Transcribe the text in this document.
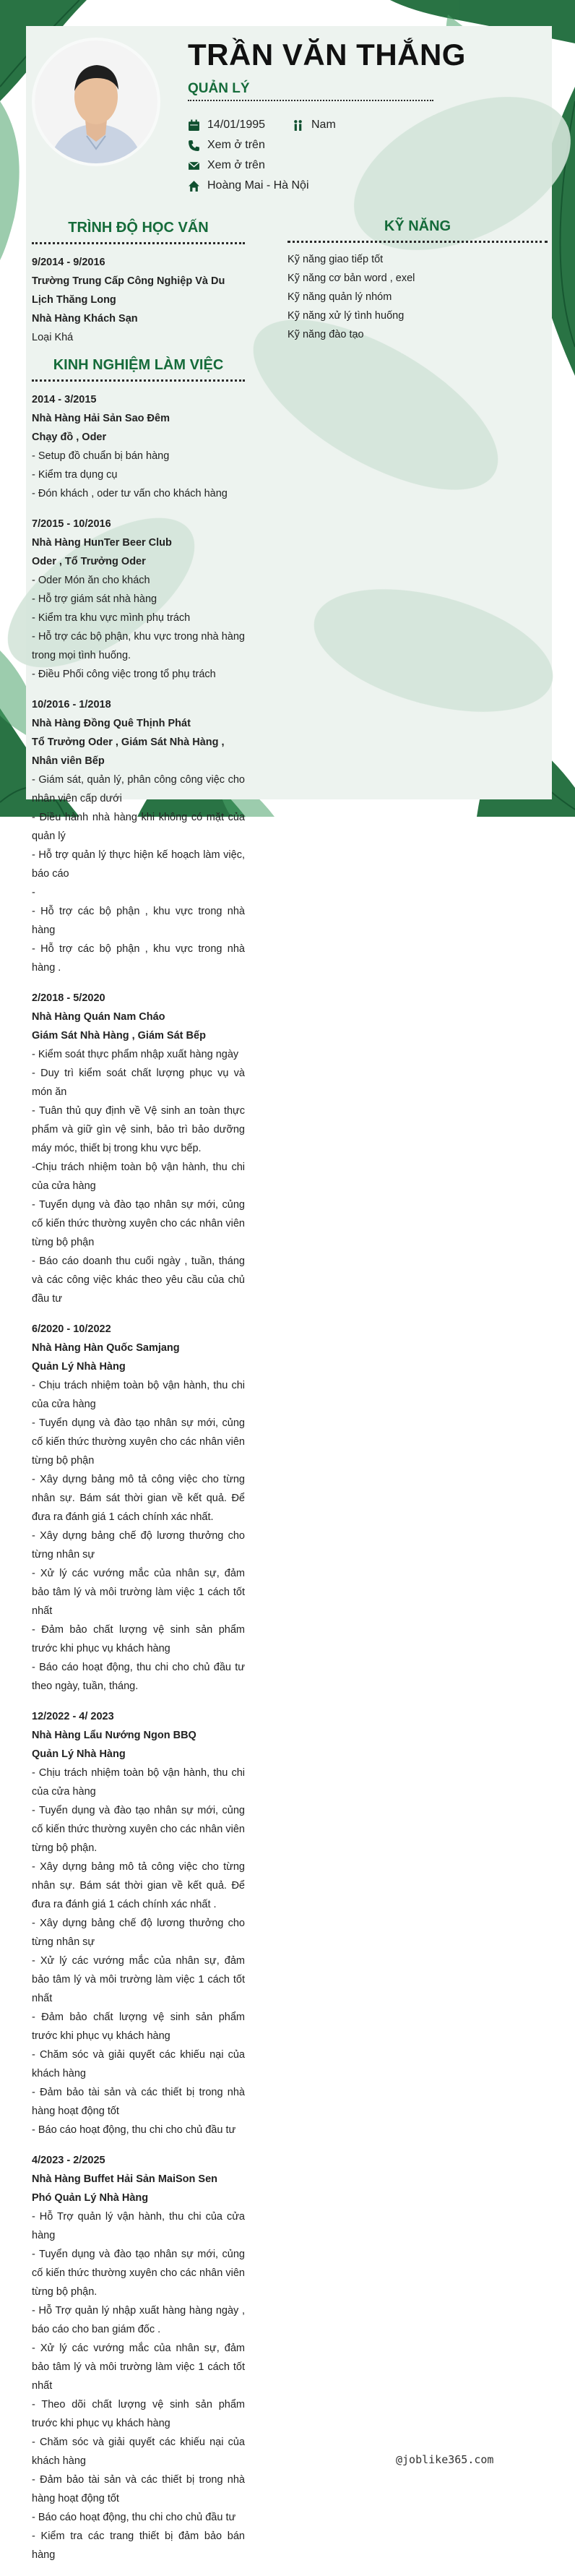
TRẦN VĂN THẮNG
QUẢN LÝ
14/01/1995	Nam
Xem ở trên
Xem ở trên
Hoàng Mai - Hà Nội
TRÌNH ĐỘ HỌC VẤN

9/2014 - 9/2016

Trường Trung Cấp Công Nghiệp Và Du Lịch Thăng Long

Nhà Hàng Khách Sạn

Loại Khá

KỸ NĂNG
Kỹ năng giao tiếp tốt
Kỹ năng cơ bản word , exel
Kỹ năng quản lý nhóm
Kỹ năng xử lý tình huống
Kỹ năng đào tạo
KINH NGHIỆM LÀM VIỆC

2014 - 3/2015

Nhà Hàng Hải Sản Sao Đêm

Chạy đồ , Oder

- Setup đồ chuẩn bị bán hàng

- Kiểm tra dụng cụ

- Đón khách , oder tư vấn cho khách hàng

7/2015 - 10/2016

Nhà Hàng HunTer Beer Club

Oder , Tổ Trưởng Oder

- Oder Món ăn cho khách

- Hỗ trợ giám sát nhà hàng

- Kiểm tra khu vực mình phụ trách

- Hỗ trợ các bộ phận, khu vực trong nhà hàng trong mọi tình huống.

- Điều Phối công việc trong tổ phụ trách

10/2016 - 1/2018

Nhà Hàng Đồng Quê Thịnh Phát

Tổ Trưởng Oder , Giám Sát Nhà Hàng , Nhân viên Bếp

- Giám sát, quản lý, phân công công việc cho nhân viên cấp dưới

- Điều hành nhà hàng khi không có mặt của quản lý

- Hỗ trợ quản lý thực hiện kế hoạch làm việc, báo cáo

-

- Hỗ trợ các bộ phận , khu vực trong nhà hàng

- Hỗ trợ các bộ phận , khu vực trong nhà hàng .

2/2018 - 5/2020

Nhà Hàng Quán Nam Cháo

Giám Sát Nhà Hàng , Giám Sát Bếp

- Kiểm soát thực phẩm nhập xuất hàng ngày

- Duy trì kiểm soát chất lượng phục vụ và món ăn

- Tuân thủ quy định về Vệ sinh an toàn thực phẩm và giữ gìn vệ sinh, bảo trì bảo dưỡng máy móc, thiết bị trong khu vực bếp.

-Chịu trách nhiệm toàn bộ vận hành, thu chi của cửa hàng

- Tuyển dụng và đào tạo nhân sự mới, củng cố kiến thức thường xuyên cho các nhân viên từng bộ phận

- Báo cáo doanh thu cuối ngày , tuần, tháng và các công việc khác theo yêu cầu của chủ đầu tư

6/2020 - 10/2022

Nhà Hàng Hàn Quốc Samjang

Quản Lý Nhà Hàng

- Chịu trách nhiệm toàn bộ vận hành, thu chi của cửa hàng

- Tuyển dụng và đào tạo nhân sự mới, củng cố kiến thức thường xuyên cho các nhân viên từng bộ phận

- Xây dựng bảng mô tả công việc cho từng nhân sự. Bám sát thời gian về kết quả. Để đưa ra đánh giá 1 cách chính xác nhất.

- Xây dựng bảng chế độ lương thưởng cho từng nhân sự

- Xử lý các vướng mắc của nhân sự, đảm bảo tâm lý và môi trường làm việc 1 cách tốt nhất

- Đảm bảo chất lượng vệ sinh sản phẩm trước khi phục vụ khách hàng

- Báo cáo hoạt động, thu chi cho chủ đầu tư theo ngày, tuần, tháng.

12/2022 - 4/ 2023

Nhà Hàng Lẩu Nướng Ngon BBQ

Quản Lý Nhà Hàng

- Chịu trách nhiệm toàn bộ vận hành, thu chi của cửa hàng

- Tuyển dụng và đào tạo nhân sự mới, củng cố kiến thức thường xuyên cho các nhân viên từng bộ phận.

- Xây dựng bảng mô tả công việc cho từng nhân sự. Bám sát thời gian về kết quả. Để đưa ra đánh giá 1 cách chính xác nhất .

- Xây dựng bảng chế độ lương thưởng cho từng nhân sự

- Xử lý các vướng mắc của nhân sự, đảm bảo tâm lý và môi trường làm việc 1 cách tốt nhất

- Đảm bảo chất lượng vệ sinh sản phẩm trước khi phục vụ khách hàng

- Chăm sóc và giải quyết các khiếu nại của khách hàng

- Đảm bảo tài sản và các thiết bị trong nhà hàng hoạt động tốt

- Báo cáo hoạt động, thu chi cho chủ đầu tư

4/2023 - 2/2025

Nhà Hàng Buffet Hải Sản MaiSon Sen

Phó Quản Lý Nhà Hàng

- Hỗ Trợ quản lý vận hành, thu chi của cửa hàng

- Tuyển dụng và đào tạo nhân sự mới, củng cố kiến thức thường xuyên cho các nhân viên từng bộ phận.

- Hỗ Trợ quản lý nhập xuất hàng hàng ngày , báo cáo cho ban giám đốc .

- Xử lý các vướng mắc của nhân sự, đảm bảo tâm lý và môi trường làm việc 1 cách tốt nhất

- Theo dõi chất lượng vệ sinh sản phẩm trước khi phục vụ khách hàng

- Chăm sóc và giải quyết các khiếu nại của khách hàng

- Đảm bảo tài sản và các thiết bị trong nhà hàng hoạt động tốt

- Báo cáo hoạt động, thu chi cho chủ đầu tư

- Kiểm tra các trang thiết bị đảm bảo bán hàng

@joblike365.com
